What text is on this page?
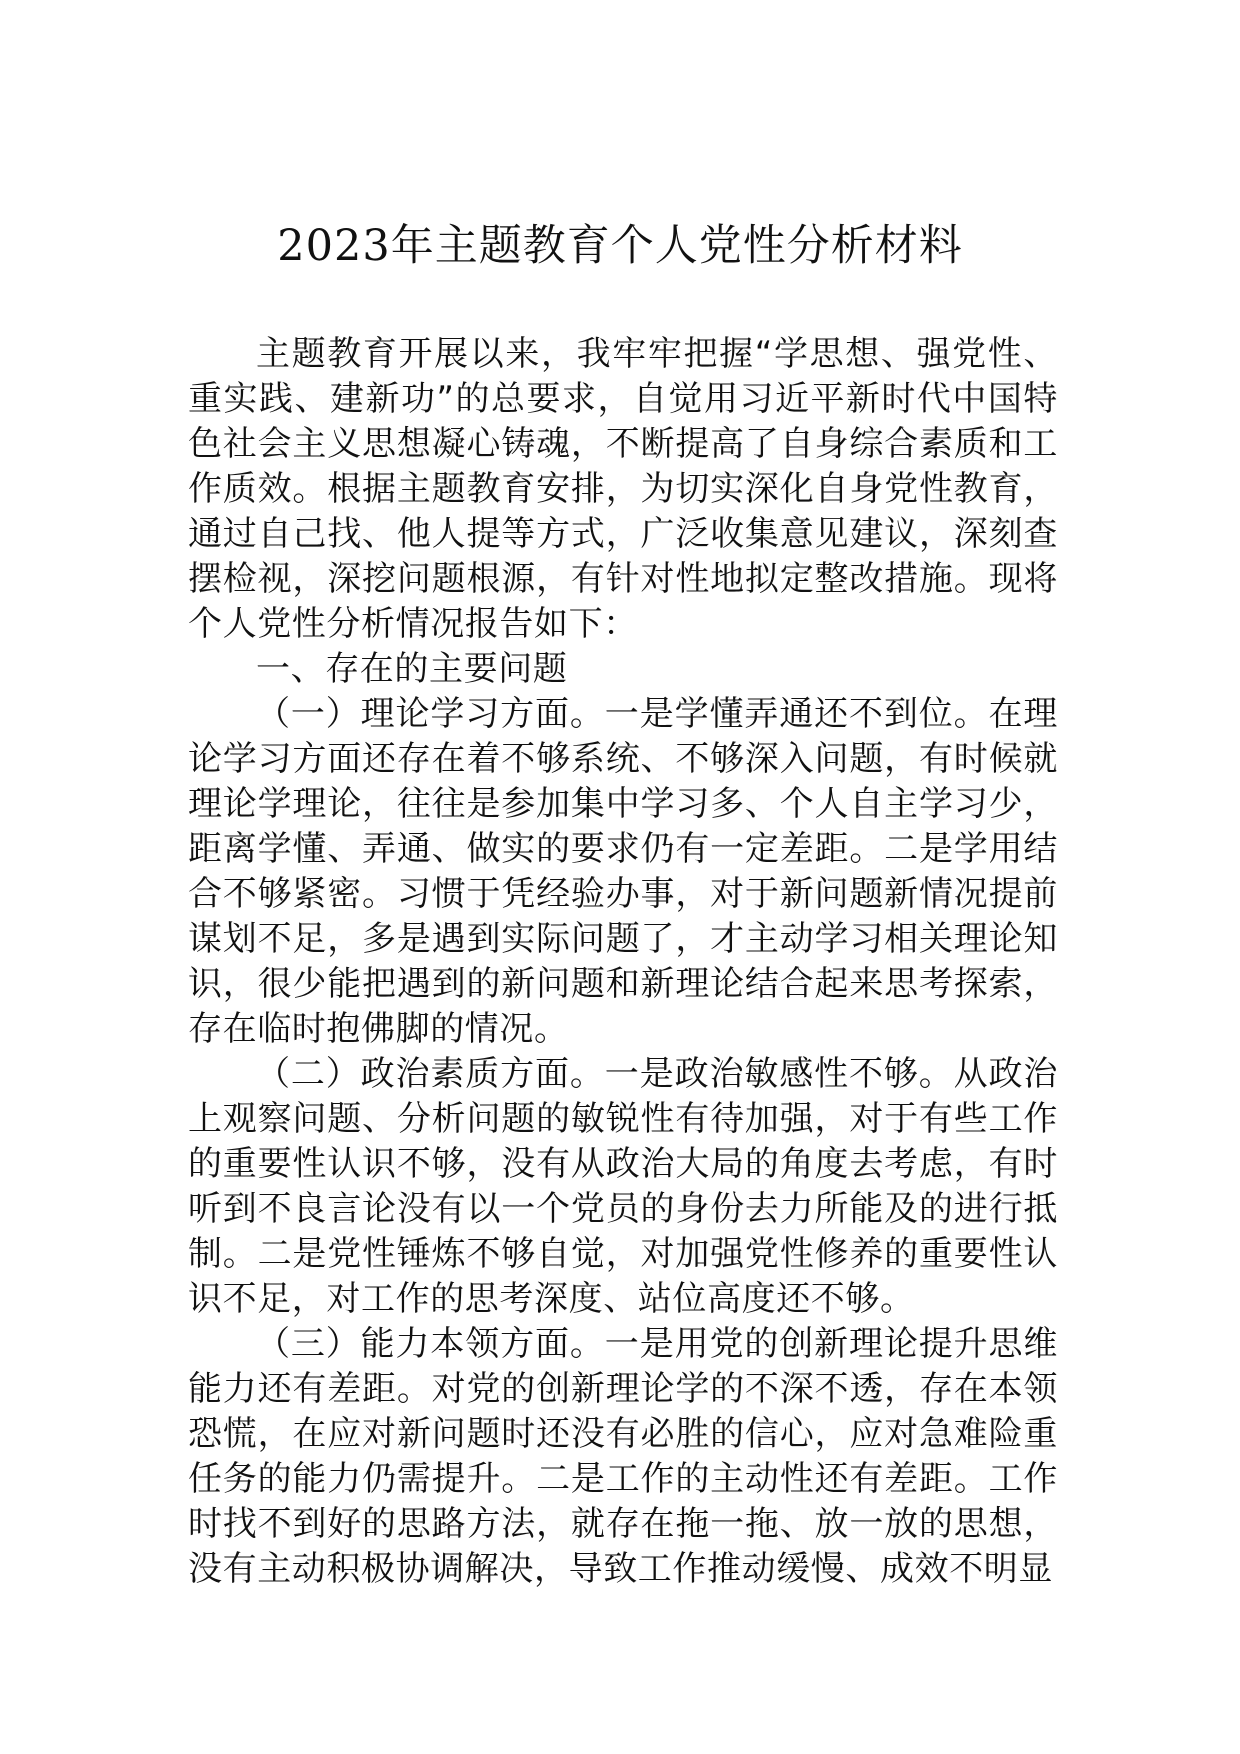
2023年主题教育个人党性分析材料

主题教育开展以来，我牢牢把握“学思想、强党性、重实践、建新功”的总要求，自觉用习近平新时代中国特色社会主义思想凝心铸魂，不断提高了自身综合素质和工作质效。根据主题教育安排，为切实深化自身党性教育，通过自己找、他人提等方式，广泛收集意见建议，深刻查摆检视，深挖问题根源，有针对性地拟定整改措施。现将个人党性分析情况报告如下：

一、存在的主要问题

（一）理论学习方面。一是学懂弄通还不到位。在理论学习方面还存在着不够系统、不够深入问题，有时候就理论学理论，往往是参加集中学习多、个人自主学习少，距离学懂、弄通、做实的要求仍有一定差距。二是学用结合不够紧密。习惯于凭经验办事，对于新问题新情况提前谋划不足，多是遇到实际问题了，才主动学习相关理论知识，很少能把遇到的新问题和新理论结合起来思考探索，存在临时抱佛脚的情况。

（二）政治素质方面。一是政治敏感性不够。从政治上观察问题、分析问题的敏锐性有待加强，对于有些工作的重要性认识不够，没有从政治大局的角度去考虑，有时听到不良言论没有以一个党员的身份去力所能及的进行抵制。二是党性锤炼不够自觉，对加强党性修养的重要性认识不足，对工作的思考深度、站位高度还不够。

（三）能力本领方面。一是用党的创新理论提升思维能力还有差距。对党的创新理论学的不深不透，存在本领恐慌，在应对新问题时还没有必胜的信心，应对急难险重任务的能力仍需提升。二是工作的主动性还有差距。工作时找不到好的思路方法，就存在拖一拖、放一放的思想，没有主动积极协调解决，导致工作推动缓慢、成效不明显
